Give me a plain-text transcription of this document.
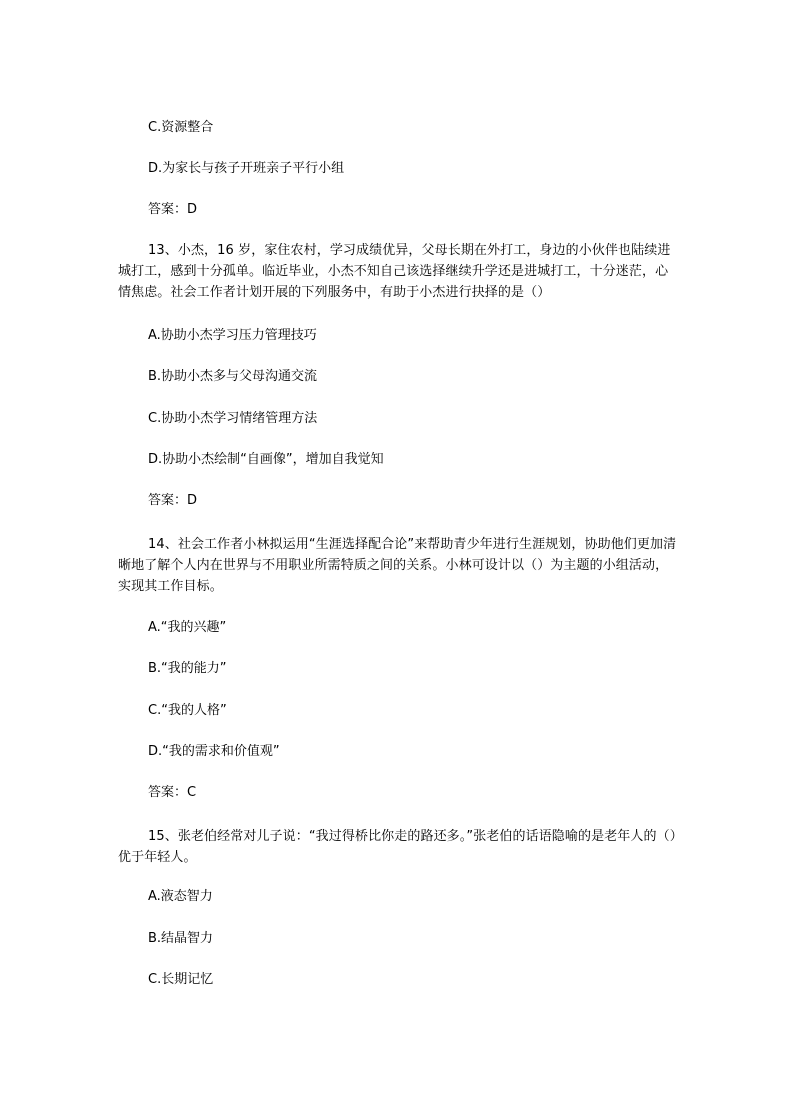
C.资源整合
D.为家长与孩子开班亲子平行小组
答案：D
13、小杰，16 岁，家住农村，学习成绩优异，父母长期在外打工，身边的小伙伴也陆续进城打工，感到十分孤单。临近毕业，小杰不知自己该选择继续升学还是进城打工，十分迷茫，心情焦虑。社会工作者计划开展的下列服务中，有助于小杰进行抉择的是（）
A.协助小杰学习压力管理技巧
B.协助小杰多与父母沟通交流
C.协助小杰学习情绪管理方法
D.协助小杰绘制“自画像”，增加自我觉知
答案：D
14、社会工作者小林拟运用“生涯选择配合论”来帮助青少年进行生涯规划，协助他们更加清晰地了解个人内在世界与不用职业所需特质之间的关系。小林可设计以（）为主题的小组活动，实现其工作目标。
A.“我的兴趣”
B.“我的能力”
C.“我的人格”
D.“我的需求和价值观”
答案：C
15、张老伯经常对儿子说：“我过得桥比你走的路还多。”张老伯的话语隐喻的是老年人的（）优于年轻人。
A.液态智力
B.结晶智力
C.长期记忆
